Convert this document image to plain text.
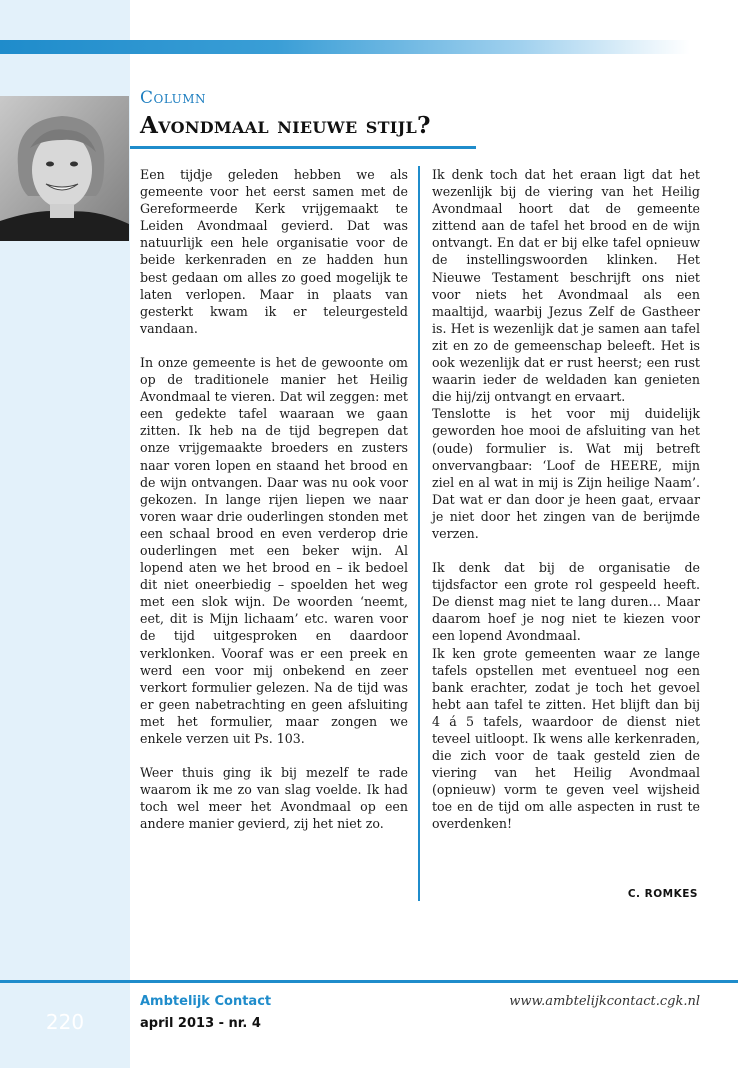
Column
Avondmaal nieuwe stijl?

Een tijdje geleden hebben we als gemeente voor het eerst samen met de Gereformeerde Kerk vrijgemaakt te Leiden Avondmaal gevierd. Dat was natuurlijk een hele organisatie voor de beide kerkenraden en ze hadden hun best gedaan om alles zo goed mogelijk te laten verlopen. Maar in plaats van gesterkt kwam ik er teleurgesteld vandaan.

In onze gemeente is het de gewoonte om op de traditionele manier het Heilig Avondmaal te vieren. Dat wil zeggen: met een gedekte tafel waaraan we gaan zitten. Ik heb na de tijd begrepen dat onze vrijgemaakte broeders en zusters naar voren lopen en staand het brood en de wijn ontvangen. Daar was nu ook voor gekozen. In lange rijen liepen we naar voren waar drie ouderlingen stonden met een schaal brood en even verderop drie ouderlingen met een beker wijn. Al lopend aten we het brood en – ik bedoel dit niet oneerbiedig – spoelden het weg met een slok wijn. De woorden ‘neemt, eet, dit is Mijn lichaam’ etc. waren voor de tijd uitgesproken en daardoor verklonken. Vooraf was er een preek en werd een voor mij onbekend en zeer verkort formulier gelezen. Na de tijd was er geen nabetrachting en geen afsluiting met het formulier, maar zongen we enkele verzen uit Ps. 103.

Weer thuis ging ik bij mezelf te rade waarom ik me zo van slag voelde. Ik had toch wel meer het Avondmaal op een andere manier gevierd, zij het niet zo.

Ik denk toch dat het eraan ligt dat het wezenlijk bij de viering van het Heilig Avondmaal hoort dat de gemeente zittend aan de tafel het brood en de wijn ontvangt. En dat er bij elke tafel opnieuw de instellingswoorden klinken. Het Nieuwe Testament beschrijft ons niet voor niets het Avondmaal als een maaltijd, waarbij Jezus Zelf de Gastheer is. Het is wezenlijk dat je samen aan tafel zit en zo de gemeenschap beleeft. Het is ook wezenlijk dat er rust heerst; een rust waarin ieder de weldaden kan genieten die hij/zij ontvangt en ervaart.

Tenslotte is het voor mij duidelijk geworden hoe mooi de afsluiting van het (oude) formulier is. Wat mij betreft onvervangbaar: ‘Loof de HEERE, mijn ziel en al wat in mij is Zijn heilige Naam’. Dat wat er dan door je heen gaat, ervaar je niet door het zingen van de berijmde verzen.

Ik denk dat bij de organisatie de tijdsfactor een grote rol gespeeld heeft. De dienst mag niet te lang duren… Maar daarom hoef je nog niet te kiezen voor een lopend Avondmaal.

Ik ken grote gemeenten waar ze lange tafels opstellen met eventueel nog een bank erachter, zodat je toch het gevoel hebt aan tafel te zitten. Het blijft dan bij 4 á 5 tafels, waardoor de dienst niet teveel uitloopt. Ik wens alle kerkenraden, die zich voor de taak gesteld zien de viering van het Heilig Avondmaal (opnieuw) vorm te geven veel wijsheid toe en de tijd om alle aspecten in rust te overdenken!

C. ROMKES
220
Ambtelijk Contact
april 2013 - nr. 4
www.ambtelijkcontact.cgk.nl
